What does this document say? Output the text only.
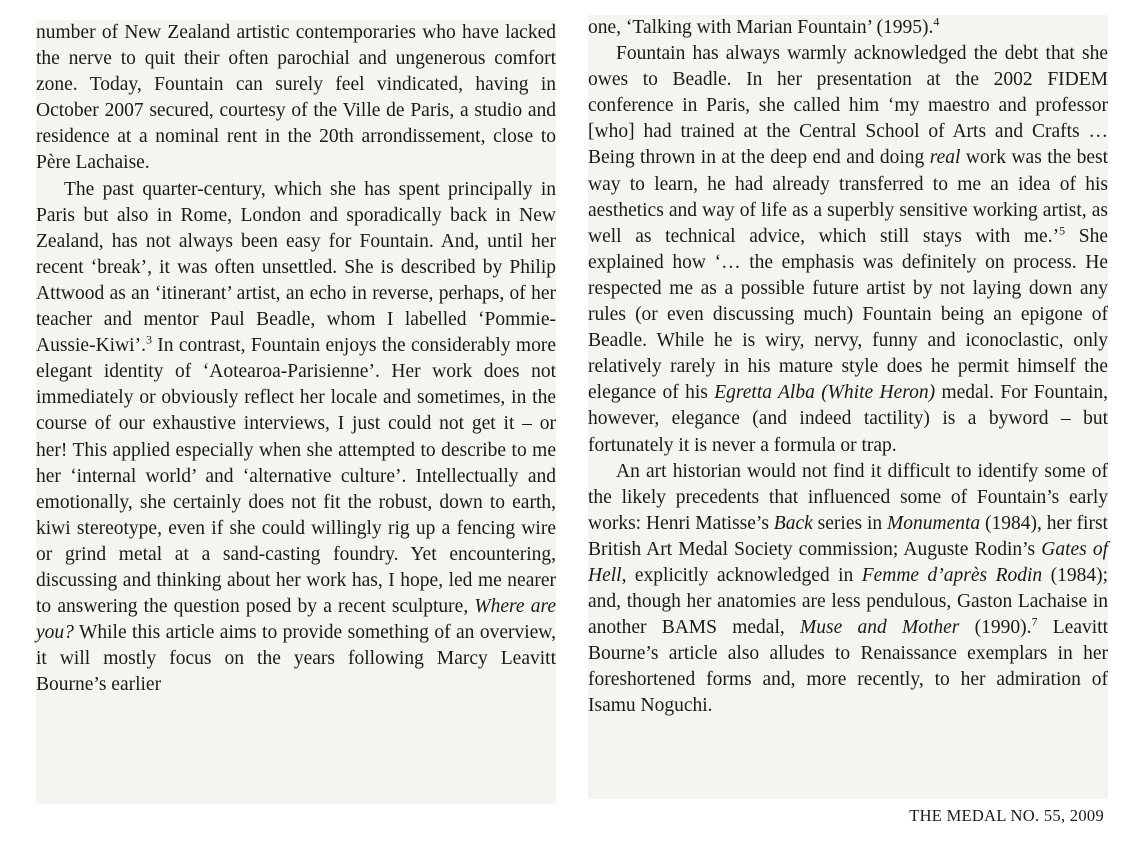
number of New Zealand artistic contemporaries who have lacked the nerve to quit their often parochial and ungenerous comfort zone. Today, Fountain can surely feel vindicated, having in October 2007 secured, courtesy of the Ville de Paris, a studio and residence at a nominal rent in the 20th arrondissement, close to Père Lachaise.

The past quarter-century, which she has spent principally in Paris but also in Rome, London and sporadically back in New Zealand, has not always been easy for Fountain. And, until her recent ‘break’, it was often unsettled. She is described by Philip Attwood as an ‘itinerant’ artist, an echo in reverse, perhaps, of her teacher and mentor Paul Beadle, whom I labelled ‘Pommie-Aussie-Kiwi’.$^3$ In contrast, Fountain enjoys the considerably more elegant identity of ‘Aotearoa-Parisienne’. Her work does not immediately or obviously reflect her locale and sometimes, in the course of our exhaustive interviews, I just could not get it – or her! This applied especially when she attempted to describe to me her ‘internal world’ and ‘alternative culture’. Intellectually and emotionally, she certainly does not fit the robust, down to earth, kiwi stereotype, even if she could willingly rig up a fencing wire or grind metal at a sand-casting foundry. Yet encountering, discussing and thinking about her work has, I hope, led me nearer to answering the question posed by a recent sculpture, Where are you? While this article aims to provide something of an overview, it will mostly focus on the years following Marcy Leavitt Bourne’s earlier

one, ‘Talking with Marian Fountain’ (1995).$^4$

Fountain has always warmly acknowledged the debt that she owes to Beadle. In her presentation at the 2002 FIDEM conference in Paris, she called him ‘my maestro and professor [who] had trained at the Central School of Arts and Crafts … Being thrown in at the deep end and doing real work was the best way to learn, he had already transferred to me an idea of his aesthetics and way of life as a superbly sensitive working artist, as well as technical advice, which still stays with me.’$^5$ She explained how ‘… the emphasis was definitely on process. He respected me as a possible future artist by not laying down any rules (or even discussing much) Fountain being an epigone of Beadle. While he is wiry, nervy, funny and iconoclastic, only relatively rarely in his mature style does he permit himself the elegance of his Egretta Alba (White Heron) medal. For Fountain, however, elegance (and indeed tactility) is a byword – but fortunately it is never a formula or trap.

An art historian would not find it difficult to identify some of the likely precedents that influenced some of Fountain’s early works: Henri Matisse’s Back series in Monumenta (1984), her first British Art Medal Society commission; Auguste Rodin’s Gates of Hell, explicitly acknowledged in Femme d’après Rodin (1984); and, though her anatomies are less pendulous, Gaston Lachaise in another BAMS medal, Muse and Mother (1990).$^7$ Leavitt Bourne’s article also alludes to Renaissance exemplars in her foreshortened forms and, more recently, to her admiration of Isamu Noguchi.

THE MEDAL NO. 55, 2009
